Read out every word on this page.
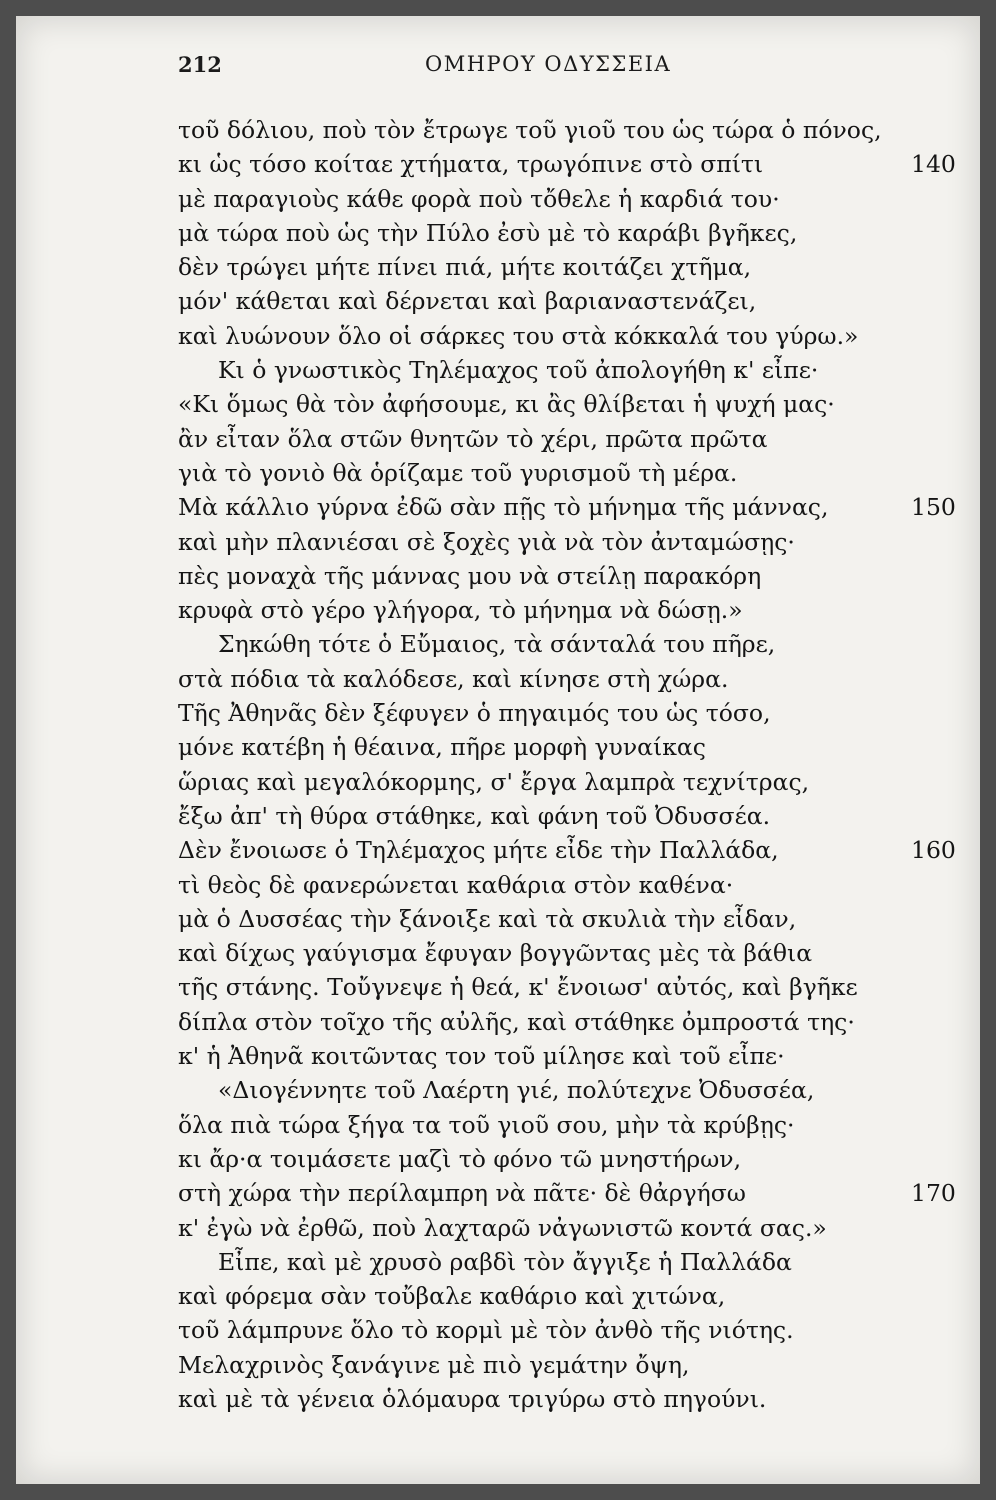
212	ΟΜΗΡΟΥ ΟΔΥΣΣΕΙΑ
τοῦ δόλιου, ποὺ τὸν ἔτρωγε τοῦ γιοῦ του ὡς τώρα ὁ πόνος,
κι ὡς τόσο κοίταε χτήματα, τρωγόπινε στὸ σπίτι	140
μὲ παραγιοὺς κάθε φορὰ ποὺ τὄθελε ἡ καρδιά του·
μὰ τώρα ποὺ ὡς τὴν Πύλο ἐσὺ μὲ τὸ καράβι βγῆκες,
δὲν τρώγει μήτε πίνει πιά, μήτε κοιτάζει χτῆμα,
μόν' κάθεται καὶ δέρνεται καὶ βαριαναστενάζει,
καὶ λυώνουν ὅλο οἱ σάρκες του στὰ κόκκαλά του γύρω.»
Κι ὁ γνωστικὸς Τηλέμαχος τοῦ ἀπολογήθη κ' εἶπε·
«Κι ὅμως θὰ τὸν ἀφήσουμε, κι ἂς θλίβεται ἡ ψυχή μας·
ἂν εἶταν ὅλα στῶν θνητῶν τὸ χέρι, πρῶτα πρῶτα
γιὰ τὸ γονιὸ θὰ ὁρίζαμε τοῦ γυρισμοῦ τὴ μέρα.
Μὰ κάλλιο γύρνα ἐδῶ σὰν πῇς τὸ μήνημα τῆς μάννας,	150
καὶ μὴν πλανιέσαι σὲ ξοχὲς γιὰ νὰ τὸν ἀνταμώσῃς·
πὲς μοναχὰ τῆς μάννας μου νὰ στείλῃ παρακόρη
κρυφὰ στὸ γέρο γλήγορα, τὸ μήνημα νὰ δώσῃ.»
Σηκώθη τότε ὁ Εὔμαιος, τὰ σάνταλά του πῆρε,
στὰ πόδια τὰ καλόδεσε, καὶ κίνησε στὴ χώρα.
Τῆς Ἀθηνᾶς δὲν ξέφυγεν ὁ πηγαιμός του ὡς τόσο,
μόνε κατέβη ἡ θέαινα, πῆρε μορφὴ γυναίκας
ὥριας καὶ μεγαλόκορμης, σ' ἔργα λαμπρὰ τεχνίτρας,
ἔξω ἀπ' τὴ θύρα στάθηκε, καὶ φάνη τοῦ Ὀδυσσέα.
Δὲν ἔνοιωσε ὁ Τηλέμαχος μήτε εἶδε τὴν Παλλάδα,	160
τὶ θεὸς δὲ φανερώνεται καθάρια στὸν καθένα·
μὰ ὁ Δυσσέας τὴν ξάνοιξε καὶ τὰ σκυλιὰ τὴν εἶδαν,
καὶ δίχως γαύγισμα ἔφυγαν βογγῶντας μὲς τὰ βάθια
τῆς στάνης. Τοὔγνεψε ἡ θεά, κ' ἔνοιωσ' αὐτός, καὶ βγῆκε
δίπλα στὸν τοῖχο τῆς αὐλῆς, καὶ στάθηκε ὀμπροστά της·
κ' ἡ Ἀθηνᾶ κοιτῶντας τον τοῦ μίλησε καὶ τοῦ εἶπε·
«Διογέννητε τοῦ Λαέρτη γιέ, πολύτεχνε Ὀδυσσέα,
ὅλα πιὰ τώρα ξήγα τα τοῦ γιοῦ σου, μὴν τὰ κρύβῃς·
κι ἄρ·α τοιμάσετε μαζὶ τὸ φόνο τῶ μνηστήρων,
στὴ χώρα τὴν περίλαμπρη νὰ πᾶτε· δὲ θἀργήσω	170
κ' ἐγὼ νὰ ἐρθῶ, ποὺ λαχταρῶ νἀγωνιστῶ κοντά σας.»
Εἶπε, καὶ μὲ χρυσὸ ραβδὶ τὸν ἄγγιξε ἡ Παλλάδα
καὶ φόρεμα σὰν τοὔβαλε καθάριο καὶ χιτώνα,
τοῦ λάμπρυνε ὅλο τὸ κορμὶ μὲ τὸν ἀνθὸ τῆς νιότης.
Μελαχρινὸς ξανάγινε μὲ πιὸ γεμάτην ὄψη,
καὶ μὲ τὰ γένεια ὁλόμαυρα τριγύρω στὸ πηγούνι.
